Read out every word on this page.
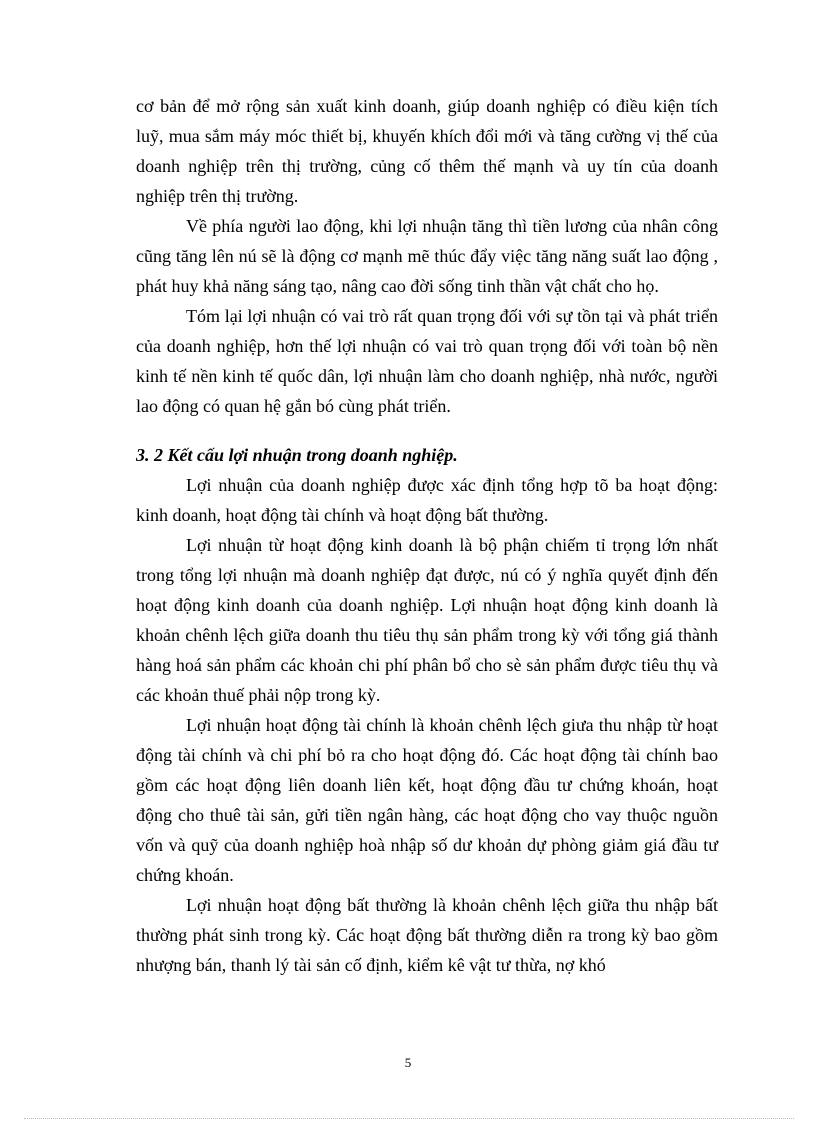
cơ bản để mở rộng sản xuất kinh doanh, giúp doanh nghiệp có điều kiện tích luỹ, mua sắm máy móc thiết bị, khuyến khích đổi mới và tăng cường vị thế của doanh nghiệp trên thị trường, củng cố thêm thế mạnh và uy tín của doanh nghiệp trên thị trường.

Về phía người lao động, khi lợi nhuận tăng thì tiền lương của nhân công cũng tăng lên nú sẽ là động cơ mạnh mẽ thúc đẩy việc tăng năng suất lao động , phát huy khả năng sáng tạo, nâng cao đời sống tinh thần vật chất cho họ.

Tóm lại lợi nhuận có vai trò rất quan trọng đối với sự tồn tại và phát triển của doanh nghiệp, hơn thế lợi nhuận có vai trò quan trọng đối với toàn bộ nền kinh tế nền kinh tế quốc dân, lợi nhuận làm cho doanh nghiệp, nhà nước, người lao động có quan hệ gắn bó cùng phát triển.

3. 2 Kết cấu lợi nhuận trong doanh nghiệp.

Lợi nhuận của doanh nghiệp được xác định tổng hợp tõ ba hoạt động: kinh doanh, hoạt động tài chính và hoạt động bất thường.

Lợi nhuận từ hoạt động kinh doanh là bộ phận chiếm tỉ trọng lớn nhất trong tổng lợi nhuận mà doanh nghiệp đạt được, nú có ý nghĩa quyết định đến hoạt động kinh doanh của doanh nghiệp. Lợi nhuận hoạt động kinh doanh là khoản chênh lệch giữa doanh thu tiêu thụ sản phẩm trong kỳ với tổng giá thành hàng hoá sản phẩm các khoản chi phí phân bổ cho sè sản phẩm được tiêu thụ và các khoản thuế phải nộp trong kỳ.

Lợi nhuận hoạt động tài chính là khoản chênh lệch giưa thu nhập từ hoạt động tài chính và chi phí bỏ ra cho hoạt động đó. Các hoạt động tài chính bao gồm các hoạt động liên doanh liên kết, hoạt động đầu tư chứng khoán, hoạt động cho thuê tài sản, gửi tiền ngân hàng, các hoạt động cho vay thuộc nguồn vốn và quỹ của doanh nghiệp hoà nhập số dư khoản dự phòng giảm giá đầu tư chứng khoán.

Lợi nhuận hoạt động bất thường là khoản chênh lệch giữa thu nhập bất thường phát sinh trong kỳ. Các hoạt động bất thường diễn ra trong kỳ bao gồm nhượng bán, thanh lý tài sản cố định, kiểm kê vật tư thừa, nợ khó

5
